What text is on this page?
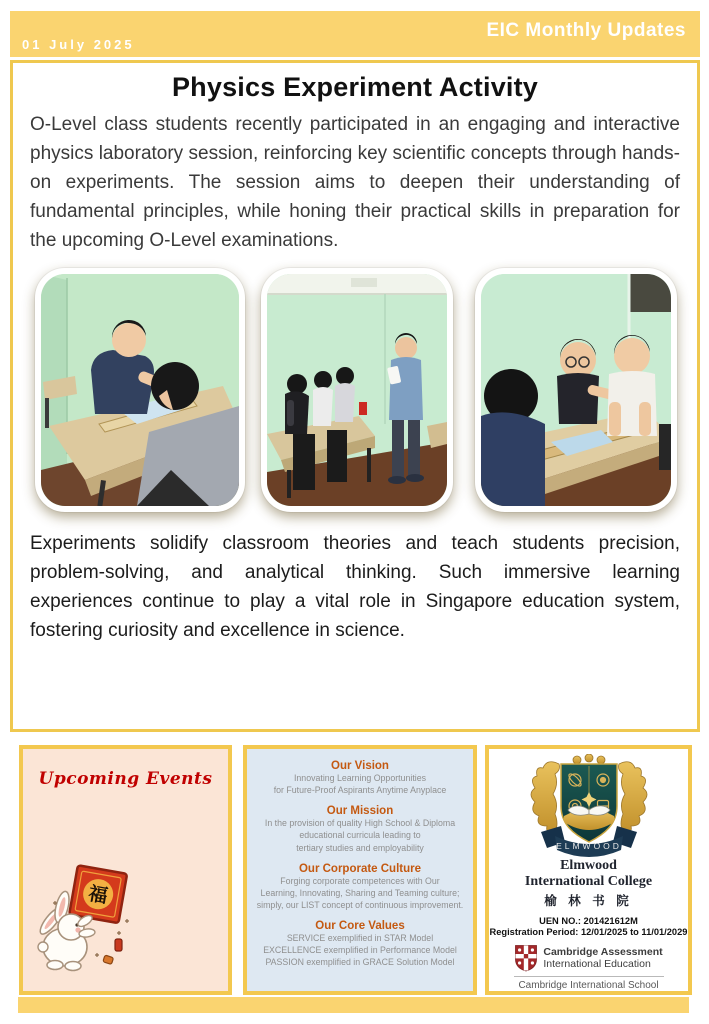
01 July 2025
EIC Monthly Updates
Physics Experiment Activity
O-Level class students recently participated in an engaging and interactive physics laboratory session, reinforcing key scientific concepts through hands-on experiments. The session aims to deepen their understanding of fundamental principles, while honing their practical skills in preparation for the upcoming O-Level examinations.
Experiments solidify classroom theories and teach students precision, problem-solving, and analytical thinking. Such immersive learning experiences continue to play a vital role in Singapore education system, fostering curiosity and excellence in science.
Upcoming Events
福
Our Vision
Innovating Learning Opportunities
for Future-Proof Aspirants Anytime Anyplace
Our Mission
In the provision of quality High School & Diploma
educational curricula leading to
tertiary studies and employability
Our Corporate Culture
Forging corporate competences with Our
Learning, Innovating, Sharing and Teaming culture;
simply, our LIST concept of continuous improvement.
Our Core Values
SERVICE exemplified in STAR Model
EXCELLENCE exemplified in Performance Model
PASSION exemplified in GRACE Solution Model
ELMWOOD
Elmwood
International College
榆 林 书 院
UEN NO.: 201421612M
Registration Period: 12/01/2025 to 11/01/2029
Cambridge Assessment
International Education
Cambridge International School
